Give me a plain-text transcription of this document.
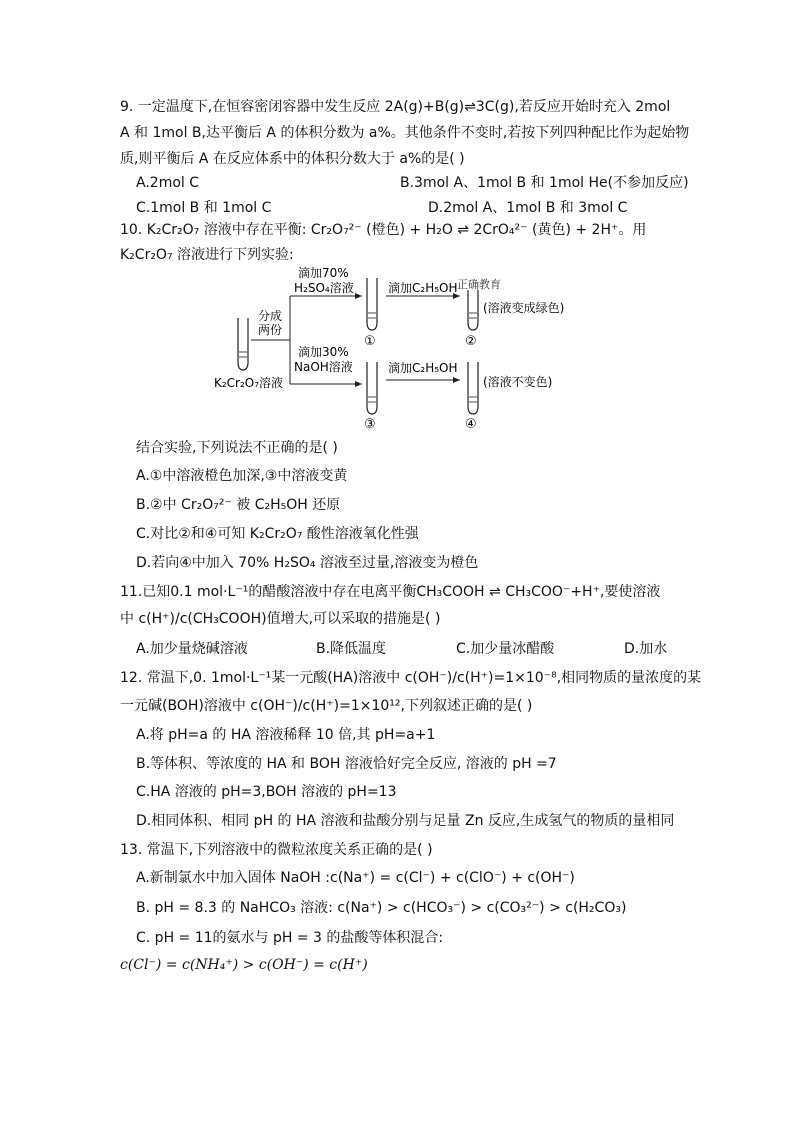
9. 一定温度下,在恒容密闭容器中发生反应 2A(g)+B(g)⇌3C(g),若反应开始时充入 2mol
A 和 1mol B,达平衡后 A 的体积分数为 a%。其他条件不变时,若按下列四种配比作为起始物
质,则平衡后 A 在反应体系中的体积分数大于 a%的是( )
A.2mol C	B.3mol A、1mol B 和 1mol He(不参加反应)
C.1mol B 和 1mol C	D.2mol A、1mol B 和 3mol C
10. K₂Cr₂O₇ 溶液中存在平衡: Cr₂O₇²⁻ (橙色) + H₂O ⇌ 2CrO₄²⁻ (黄色) + 2H⁺。用
K₂Cr₂O₇ 溶液进行下列实验:
分成
两份
K₂Cr₂O₇溶液
滴加70%
H₂SO₄溶液
滴加30%
NaOH溶液
①
③
滴加C₂H₅OH
滴加C₂H₅OH
正确教育
②
(溶液变成绿色)
④
(溶液不变色)
结合实验,下列说法不正确的是( )
A.①中溶液橙色加深,③中溶液变黄
B.②中 Cr₂O₇²⁻ 被 C₂H₅OH 还原
C.对比②和④可知 K₂Cr₂O₇ 酸性溶液氧化性强
D.若向④中加入 70% H₂SO₄ 溶液至过量,溶液变为橙色
11.已知0.1 mol·L⁻¹的醋酸溶液中存在电离平衡CH₃COOH ⇌ CH₃COO⁻+H⁺,要使溶液
中 c(H⁺)/c(CH₃COOH)值增大,可以采取的措施是( )
A.加少量烧碱溶液	B.降低温度	C.加少量冰醋酸	D.加水
12. 常温下,0. 1mol·L⁻¹某一元酸(HA)溶液中 c(OH⁻)/c(H⁺)=1×10⁻⁸,相同物质的量浓度的某
一元碱(BOH)溶液中 c(OH⁻)/c(H⁺)=1×10¹²,下列叙述正确的是( )
A.将 pH=a 的 HA 溶液稀释 10 倍,其 pH=a+1
B.等体积、等浓度的 HA 和 BOH 溶液恰好完全反应, 溶液的 pH =7
C.HA 溶液的 pH=3,BOH 溶液的 pH=13
D.相同体积、相同 pH 的 HA 溶液和盐酸分别与足量 Zn 反应,生成氢气的物质的量相同
13. 常温下,下列溶液中的微粒浓度关系正确的是( )
A.新制氯水中加入固体 NaOH :c(Na⁺) = c(Cl⁻) + c(ClO⁻) + c(OH⁻)
B. pH = 8.3 的 NaHCO₃ 溶液: c(Na⁺) > c(HCO₃⁻) > c(CO₃²⁻) > c(H₂CO₃)
C. pH = 11的氨水与 pH = 3 的盐酸等体积混合:
c(Cl⁻) = c(NH₄⁺) > c(OH⁻) = c(H⁺)
